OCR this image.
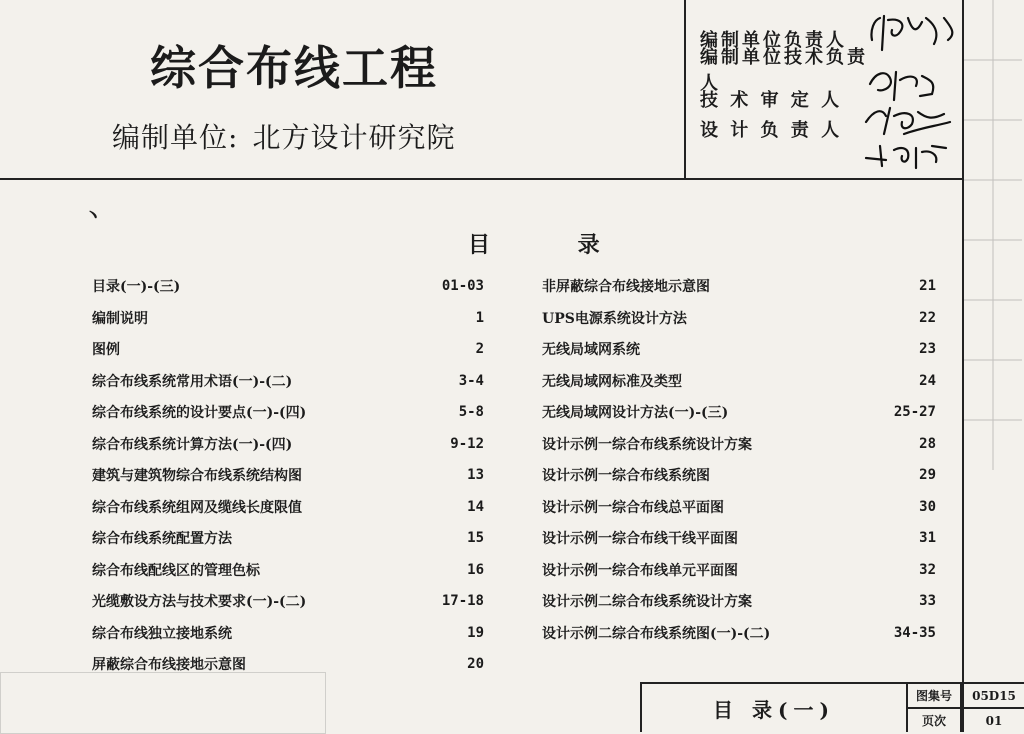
综合布线工程
编制单位: 北方设计研究院
编制单位负责人
编制单位技术负责人
技 术 审 定 人
设 计 负 责 人
丶
目 录
目录(一)-(三)	01-03
编制说明	1
图例	2
综合布线系统常用术语(一)-(二)	3-4
综合布线系统的设计要点(一)-(四)	5-8
综合布线系统计算方法(一)-(四)	9-12
建筑与建筑物综合布线系统结构图	13
综合布线系统组网及缆线长度限值	14
综合布线系统配置方法	15
综合布线配线区的管理色标	16
光缆敷设方法与技术要求(一)-(二)	17-18
综合布线独立接地系统	19
屏蔽综合布线接地示意图	20
非屏蔽综合布线接地示意图	21
UPS电源系统设计方法	22
无线局域网系统	23
无线局域网标准及类型	24
无线局域网设计方法(一)-(三)	25-27
设计示例一综合布线系统设计方案	28
设计示例一综合布线系统图	29
设计示例一综合布线总平面图	30
设计示例一综合布线干线平面图	31
设计示例一综合布线单元平面图	32
设计示例二综合布线系统设计方案	33
设计示例二综合布线系统图(一)-(二)	34-35
目 录(一)
图集号	05D15
页次	01
